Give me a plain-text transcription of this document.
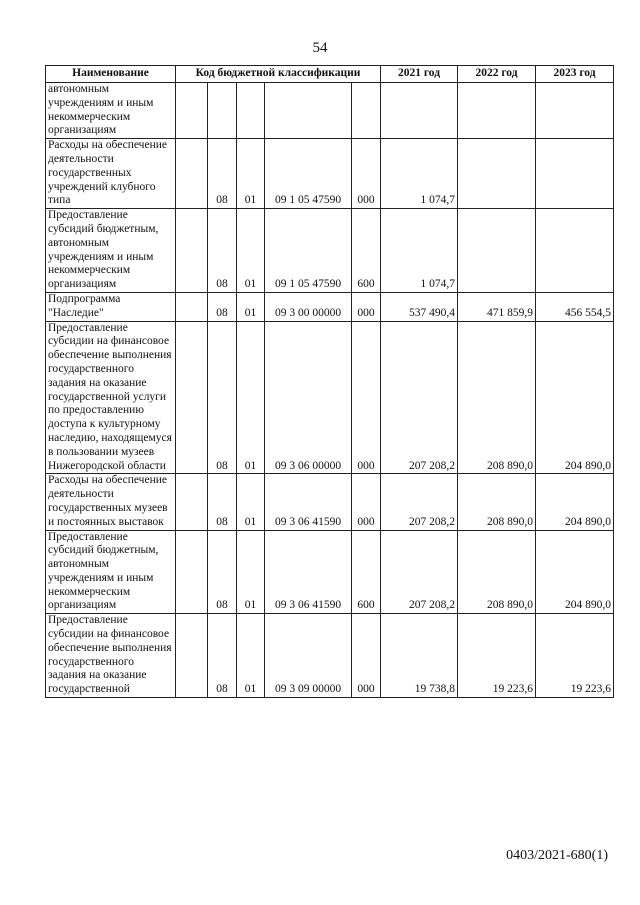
54
Наименование	Код бюджетной классификации					2021 год	2022 год	2023 год
автономным учреждениям и иным некоммерческим организациям								
Расходы на обеспечение деятельности государственных учреждений клубного типа		08	01	09 1 05 47590	000	1 074,7		
Предоставление субсидий бюджетным, автономным учреждениям и иным некоммерческим организациям		08	01	09 1 05 47590	600	1 074,7		
Подпрограмма "Наследие"		08	01	09 3 00 00000	000	537 490,4	471 859,9	456 554,5
Предоставление субсидии на финансовое обеспечение выполнения государственного задания на оказание государственной услуги по предоставлению доступа к культурному наследию, находящемуся в пользовании музеев Нижегородской области		08	01	09 3 06 00000	000	207 208,2	208 890,0	204 890,0
Расходы на обеспечение деятельности государственных музеев и постоянных выставок		08	01	09 3 06 41590	000	207 208,2	208 890,0	204 890,0
Предоставление субсидий бюджетным, автономным учреждениям и иным некоммерческим организациям		08	01	09 3 06 41590	600	207 208,2	208 890,0	204 890,0
Предоставление субсидии на финансовое обеспечение выполнения государственного задания на оказание государственной		08	01	09 3 09 00000	000	19 738,8	19 223,6	19 223,6
0403/2021-680(1)
